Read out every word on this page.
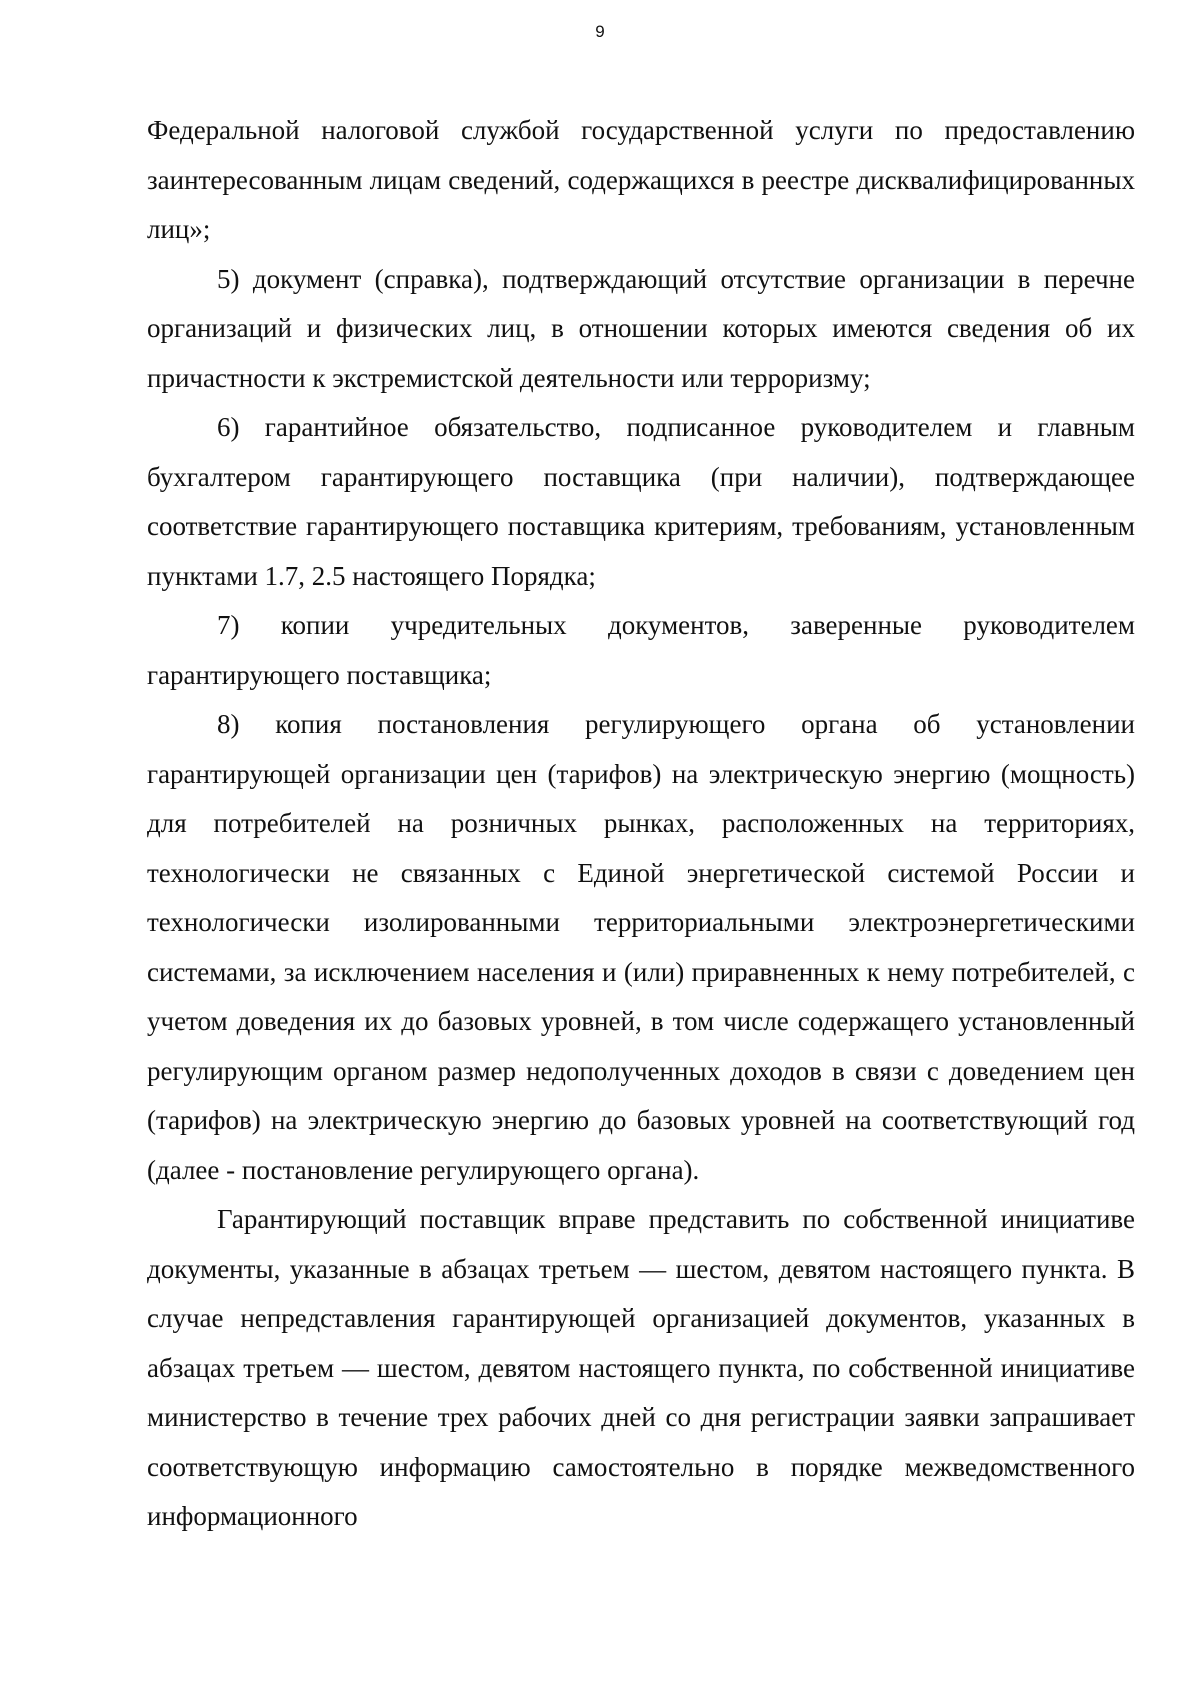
9

Федеральной налоговой службой государственной услуги по предоставлению заинтересованным лицам сведений, содержащихся в реестре дисквалифицированных лиц»;

5) документ (справка), подтверждающий отсутствие организации в перечне организаций и физических лиц, в отношении которых имеются сведения об их причастности к экстремистской деятельности или терроризму;

6) гарантийное обязательство, подписанное руководителем и главным бухгалтером гарантирующего поставщика (при наличии), подтверждающее соответствие гарантирующего поставщика критериям, требованиям, установленным пунктами 1.7, 2.5 настоящего Порядка;

7) копии учредительных документов, заверенные руководителем гарантирующего поставщика;

8) копия постановления регулирующего органа об установлении гарантирующей организации цен (тарифов) на электрическую энергию (мощность) для потребителей на розничных рынках, расположенных на территориях, технологически не связанных с Единой энергетической системой России и технологически изолированными территориальными электроэнергетическими системами, за исключением населения и (или) приравненных к нему потребителей, с учетом доведения их до базовых уровней, в том числе содержащего установленный регулирующим органом размер недополученных доходов в связи с доведением цен (тарифов) на электрическую энергию до базовых уровней на соответствующий год (далее - постановление регулирующего органа).

Гарантирующий поставщик вправе представить по собственной инициативе документы, указанные в абзацах третьем — шестом, девятом настоящего пункта. В случае непредставления гарантирующей организацией документов, указанных в абзацах третьем — шестом, девятом настоящего пункта, по собственной инициативе министерство в течение трех рабочих дней со дня регистрации заявки запрашивает соответствующую информацию самостоятельно в порядке межведомственного информационного
